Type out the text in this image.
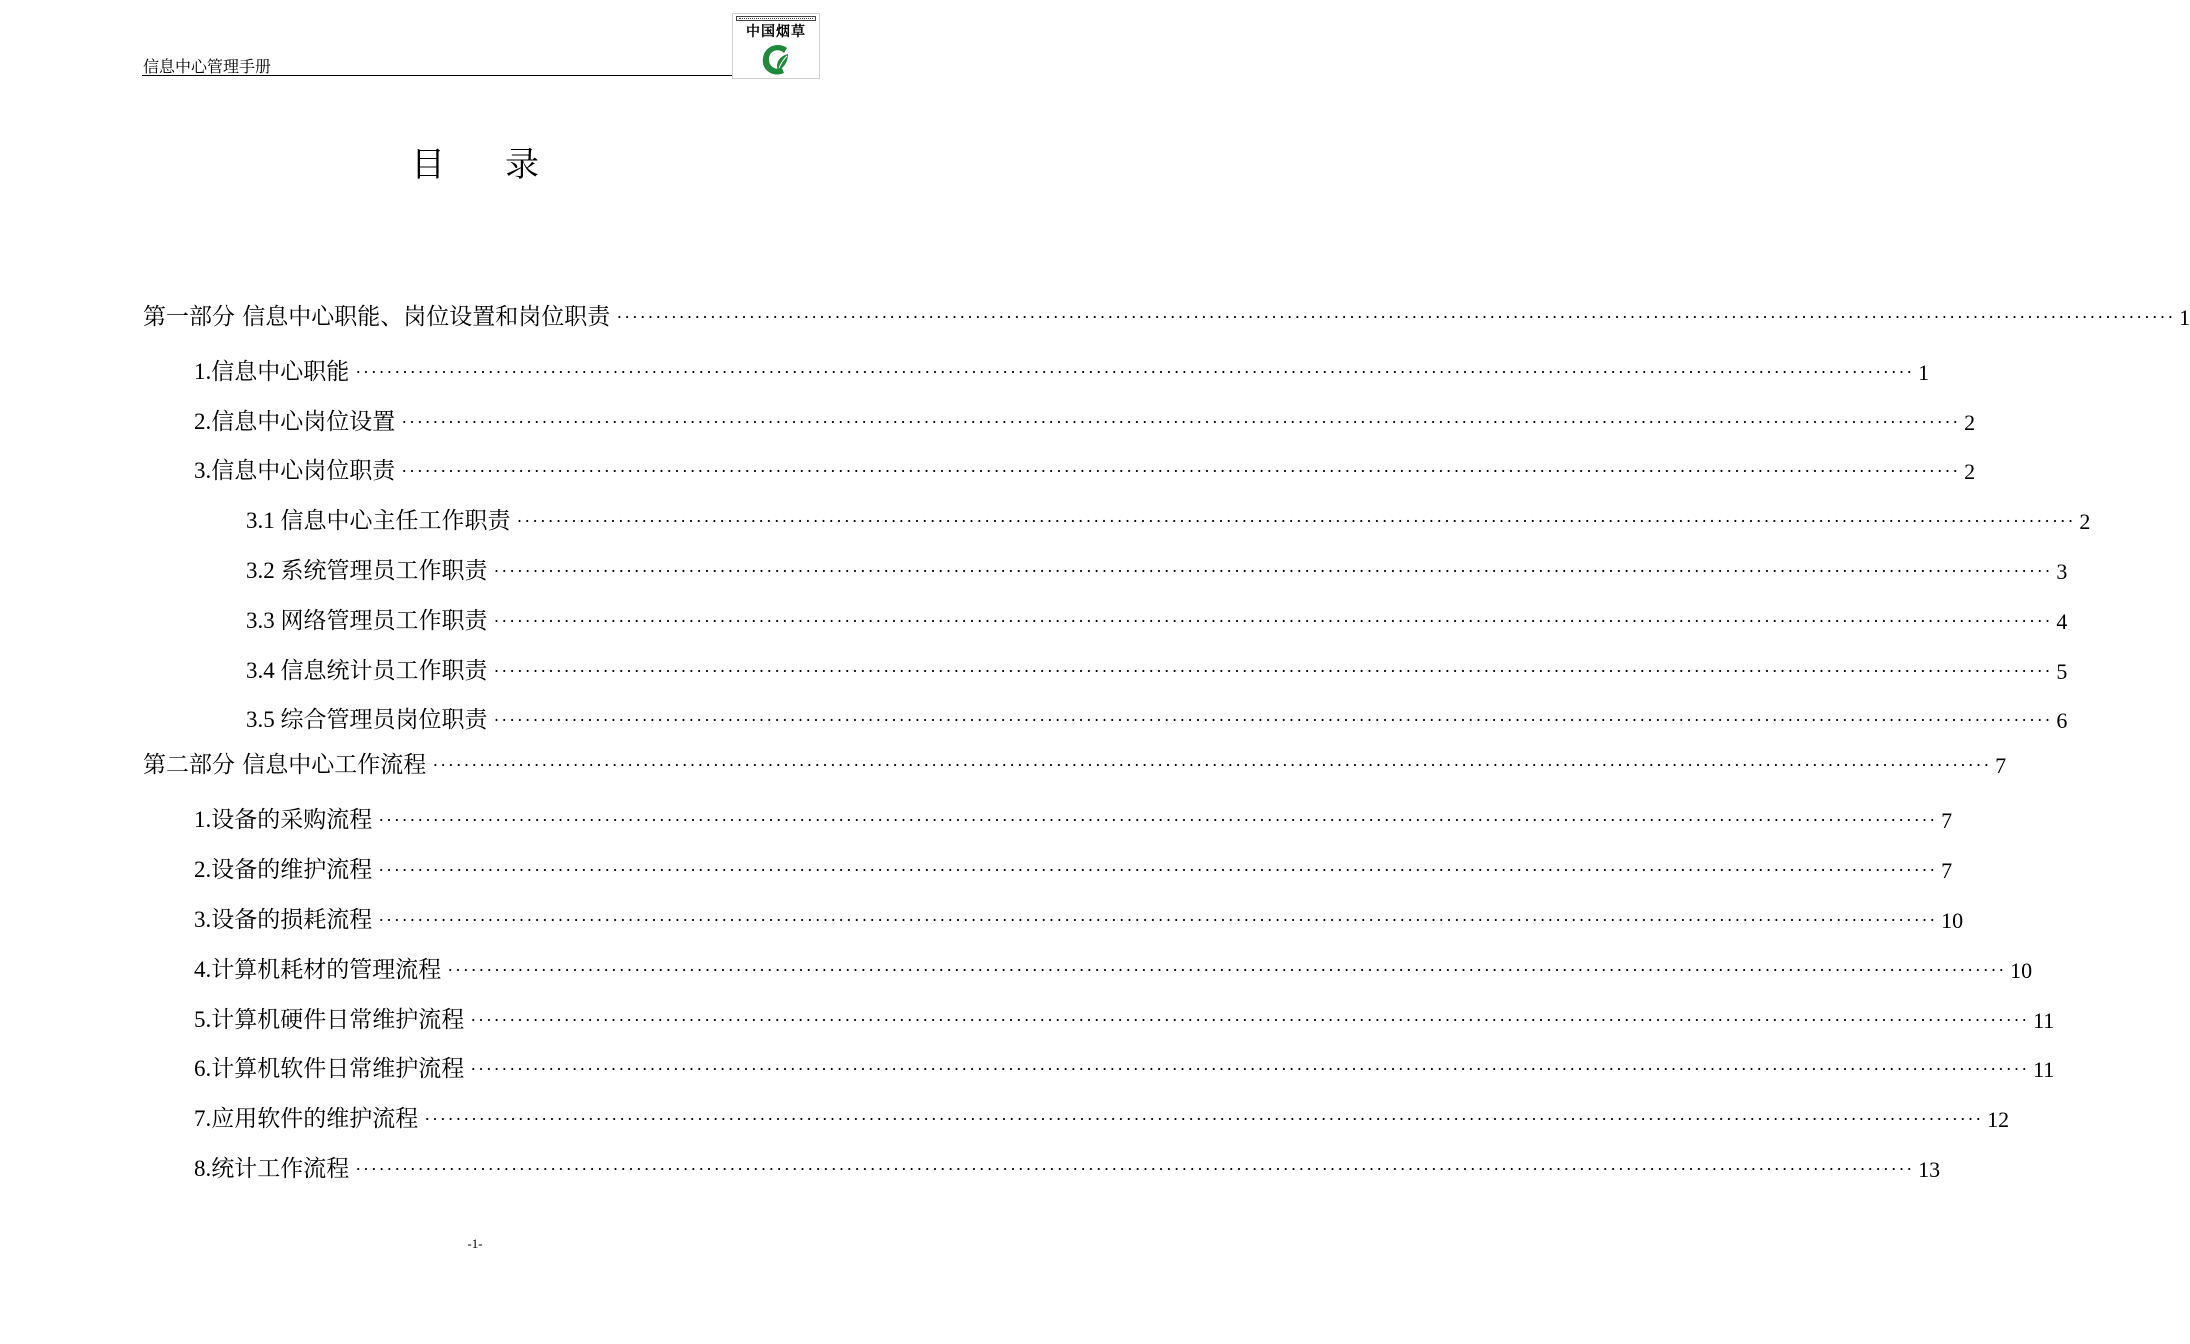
信息中心管理手册
中国烟草
目 录
第一部分 信息中心职能、岗位设置和岗位职责 ········································································································································································································ 1
1.信息中心职能 ········································································································································································································ 1
2.信息中心岗位设置 ········································································································································································································ 2
3.信息中心岗位职责 ········································································································································································································ 2
3.1 信息中心主任工作职责 ········································································································································································································ 2
3.2 系统管理员工作职责 ········································································································································································································ 3
3.3 网络管理员工作职责 ········································································································································································································ 4
3.4 信息统计员工作职责 ········································································································································································································ 5
3.5 综合管理员岗位职责 ········································································································································································································ 6
第二部分 信息中心工作流程 ········································································································································································································ 7
1.设备的采购流程 ········································································································································································································ 7
2.设备的维护流程 ········································································································································································································ 7
3.设备的损耗流程 ········································································································································································································ 10
4.计算机耗材的管理流程 ········································································································································································································ 10
5.计算机硬件日常维护流程 ········································································································································································································ 11
6.计算机软件日常维护流程 ········································································································································································································ 11
7.应用软件的维护流程 ········································································································································································································ 12
8.统计工作流程 ········································································································································································································ 13
-1-
